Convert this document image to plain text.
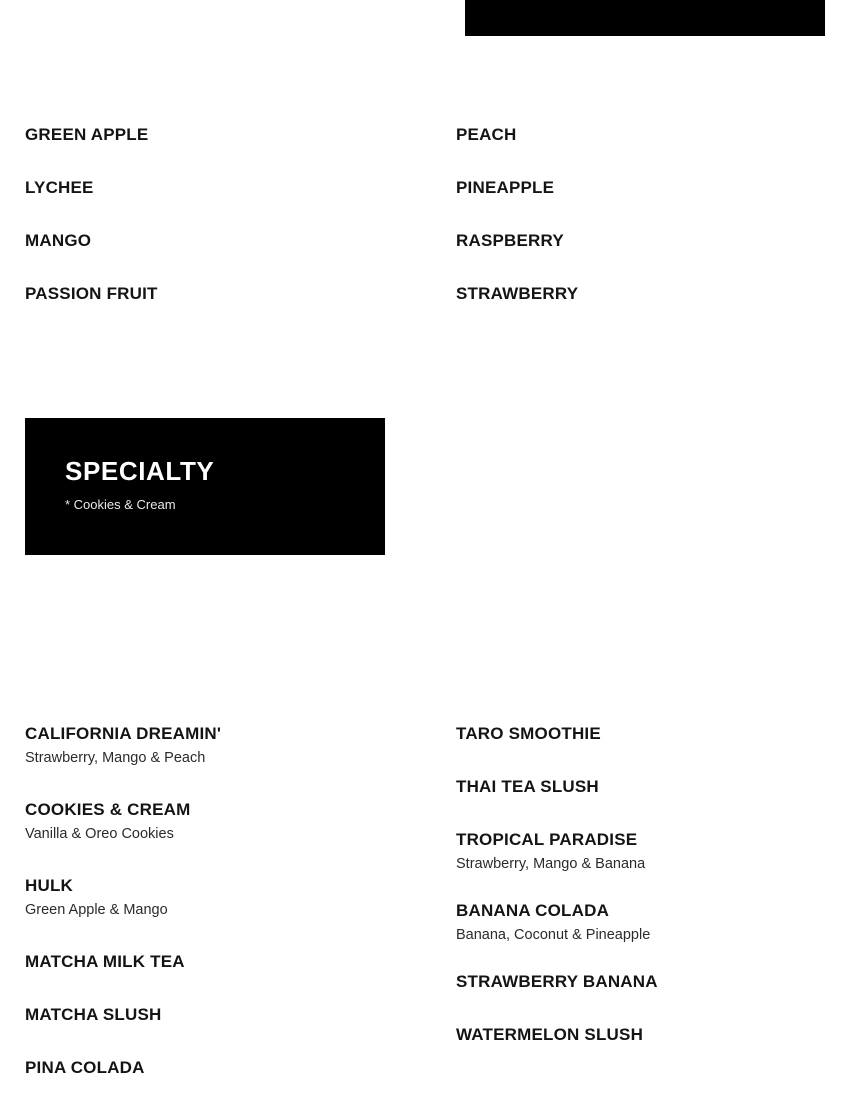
GREEN APPLE

LYCHEE

MANGO

PASSION FRUIT

PEACH

PINEAPPLE

RASPBERRY

STRAWBERRY

SPECIALTY

* Cookies & Cream

CALIFORNIA DREAMIN'

Strawberry, Mango & Peach

COOKIES & CREAM

Vanilla & Oreo Cookies

HULK

Green Apple & Mango

MATCHA MILK TEA

MATCHA SLUSH

PINA COLADA

TARO SMOOTHIE

THAI TEA SLUSH

TROPICAL PARADISE

Strawberry, Mango & Banana

BANANA COLADA

Banana, Coconut & Pineapple

STRAWBERRY BANANA

WATERMELON SLUSH
